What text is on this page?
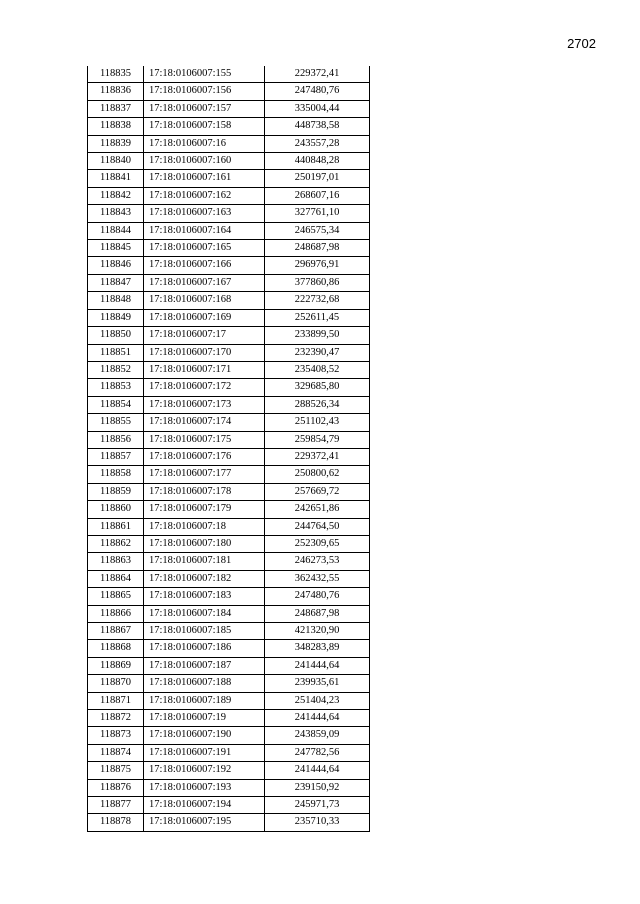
2702
118835	17:18:0106007:155	229372,41
118836	17:18:0106007:156	247480,76
118837	17:18:0106007:157	335004,44
118838	17:18:0106007:158	448738,58
118839	17:18:0106007:16	243557,28
118840	17:18:0106007:160	440848,28
118841	17:18:0106007:161	250197,01
118842	17:18:0106007:162	268607,16
118843	17:18:0106007:163	327761,10
118844	17:18:0106007:164	246575,34
118845	17:18:0106007:165	248687,98
118846	17:18:0106007:166	296976,91
118847	17:18:0106007:167	377860,86
118848	17:18:0106007:168	222732,68
118849	17:18:0106007:169	252611,45
118850	17:18:0106007:17	233899,50
118851	17:18:0106007:170	232390,47
118852	17:18:0106007:171	235408,52
118853	17:18:0106007:172	329685,80
118854	17:18:0106007:173	288526,34
118855	17:18:0106007:174	251102,43
118856	17:18:0106007:175	259854,79
118857	17:18:0106007:176	229372,41
118858	17:18:0106007:177	250800,62
118859	17:18:0106007:178	257669,72
118860	17:18:0106007:179	242651,86
118861	17:18:0106007:18	244764,50
118862	17:18:0106007:180	252309,65
118863	17:18:0106007:181	246273,53
118864	17:18:0106007:182	362432,55
118865	17:18:0106007:183	247480,76
118866	17:18:0106007:184	248687,98
118867	17:18:0106007:185	421320,90
118868	17:18:0106007:186	348283,89
118869	17:18:0106007:187	241444,64
118870	17:18:0106007:188	239935,61
118871	17:18:0106007:189	251404,23
118872	17:18:0106007:19	241444,64
118873	17:18:0106007:190	243859,09
118874	17:18:0106007:191	247782,56
118875	17:18:0106007:192	241444,64
118876	17:18:0106007:193	239150,92
118877	17:18:0106007:194	245971,73
118878	17:18:0106007:195	235710,33
